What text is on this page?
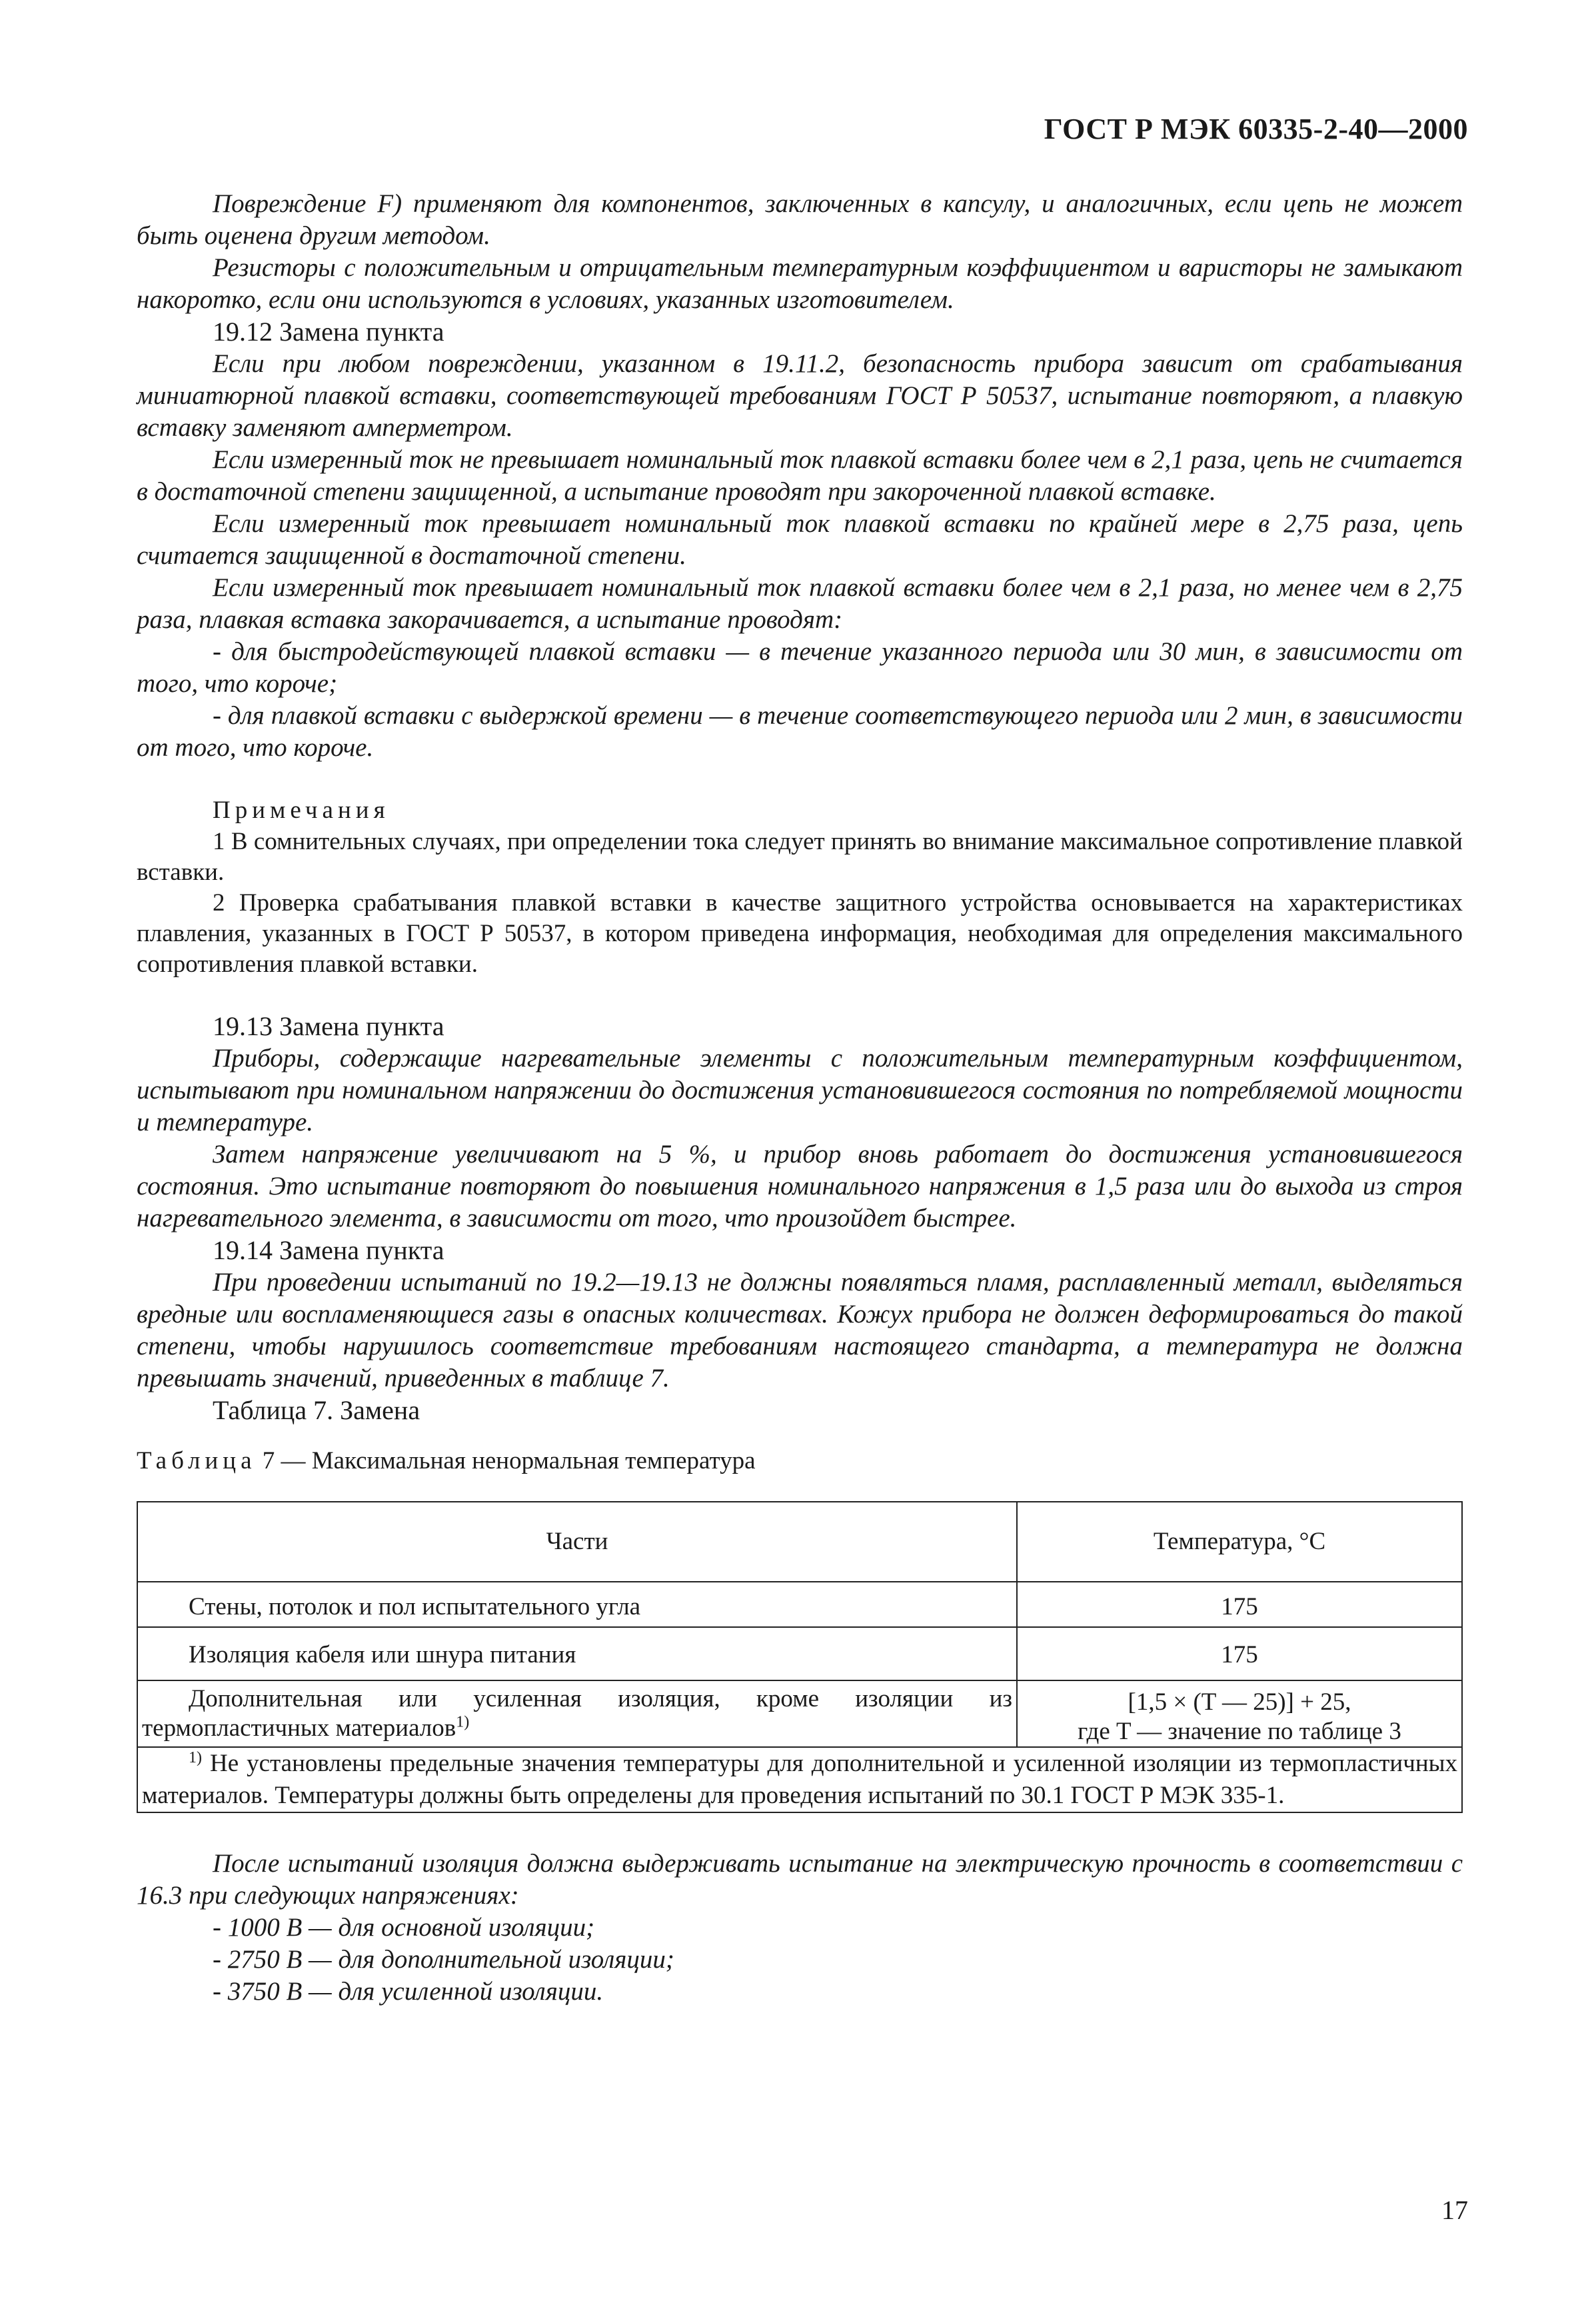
ГОСТ Р МЭК 60335-2-40—2000

Повреждение F) применяют для компонентов, заключенных в капсулу, и аналогичных, если цепь не может быть оценена другим методом.

Резисторы с положительным и отрицательным температурным коэффициентом и варисторы не замыкают накоротко, если они используются в условиях, указанных изготовителем.

19.12 Замена пункта

Если при любом повреждении, указанном в 19.11.2, безопасность прибора зависит от срабатывания миниатюрной плавкой вставки, соответствующей требованиям ГОСТ Р 50537, испытание повторяют, а плавкую вставку заменяют амперметром.

Если измеренный ток не превышает номинальный ток плавкой вставки более чем в 2,1 раза, цепь не считается в достаточной степени защищенной, а испытание проводят при закороченной плавкой вставке.

Если измеренный ток превышает номинальный ток плавкой вставки по крайней мере в 2,75 раза, цепь считается защищенной в достаточной степени.

Если измеренный ток превышает номинальный ток плавкой вставки более чем в 2,1 раза, но менее чем в 2,75 раза, плавкая вставка закорачивается, а испытание проводят:

- для быстродействующей плавкой вставки — в течение указанного периода или 30 мин, в зависимости от того, что короче;

- для плавкой вставки с выдержкой времени — в течение соответствующего периода или 2 мин, в зависимости от того, что короче.

Примечания

1 В сомнительных случаях, при определении тока следует принять во внимание максимальное сопротивление плавкой вставки.

2 Проверка срабатывания плавкой вставки в качестве защитного устройства основывается на характеристиках плавления, указанных в ГОСТ Р 50537, в котором приведена информация, необходимая для определения максимального сопротивления плавкой вставки.

19.13 Замена пункта

Приборы, содержащие нагревательные элементы с положительным температурным коэффициентом, испытывают при номинальном напряжении до достижения установившегося состояния по потребляемой мощности и температуре.

Затем напряжение увеличивают на 5 %, и прибор вновь работает до достижения установившегося состояния. Это испытание повторяют до повышения номинального напряжения в 1,5 раза или до выхода из строя нагревательного элемента, в зависимости от того, что произойдет быстрее.

19.14 Замена пункта

При проведении испытаний по 19.2—19.13 не должны появляться пламя, расплавленный металл, выделяться вредные или воспламеняющиеся газы в опасных количествах. Кожух прибора не должен деформироваться до такой степени, чтобы нарушилось соответствие требованиям настоящего стандарта, а температура не должна превышать значений, приведенных в таблице 7.

Таблица 7. Замена

Таблица 7 — Максимальная ненормальная температура

Части	Температура, °С
Стены, потолок и пол испытательного угла	175
Изоляция кабеля или шнура питания	175
Дополнительная или усиленная изоляция, кроме изоляции из термопластичных материалов$^{1)}$	[1,5 × (T — 25)] + 25,
где T — значение по таблице 3

$^{1)}$ Не установлены предельные значения температуры для дополнительной и усиленной изоляции из термопластичных материалов. Температуры должны быть определены для проведения испытаний по 30.1 ГОСТ Р МЭК 335-1.	

После испытаний изоляция должна выдерживать испытание на электрическую прочность в соответствии с 16.3 при следующих напряжениях:

- 1000 В — для основной изоляции;

- 2750 В — для дополнительной изоляции;

- 3750 В — для усиленной изоляции.

17
